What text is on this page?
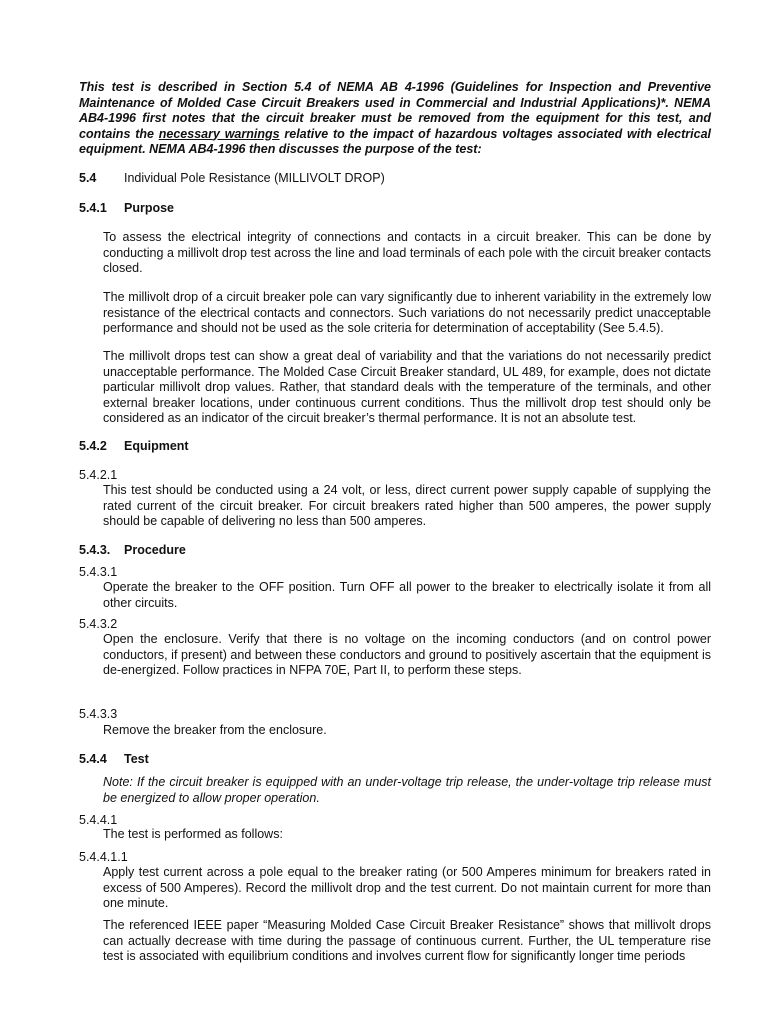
This test is described in Section 5.4 of NEMA AB 4-1996 (Guidelines for Inspection and Preventive Maintenance of Molded Case Circuit Breakers used in Commercial and Industrial Applications)*. NEMA AB4-1996 first notes that the circuit breaker must be removed from the equipment for this test, and contains the necessary warnings relative to the impact of hazardous voltages associated with electrical equipment. NEMA AB4-1996 then discusses the purpose of the test:

5.4 Individual Pole Resistance (MILLIVOLT DROP)

5.4.1 Purpose

To assess the electrical integrity of connections and contacts in a circuit breaker. This can be done by conducting a millivolt drop test across the line and load terminals of each pole with the circuit breaker contacts closed.

The millivolt drop of a circuit breaker pole can vary significantly due to inherent variability in the extremely low resistance of the electrical contacts and connectors. Such variations do not necessarily predict unacceptable performance and should not be used as the sole criteria for determination of acceptability (See 5.4.5).

The millivolt drops test can show a great deal of variability and that the variations do not necessarily predict unacceptable performance. The Molded Case Circuit Breaker standard, UL 489, for example, does not dictate particular millivolt drop values. Rather, that standard deals with the temperature of the terminals, and other external breaker locations, under continuous current conditions. Thus the millivolt drop test should only be considered as an indicator of the circuit breaker’s thermal performance. It is not an absolute test.

5.4.2 Equipment

5.4.2.1

This test should be conducted using a 24 volt, or less, direct current power supply capable of supplying the rated current of the circuit breaker. For circuit breakers rated higher than 500 amperes, the power supply should be capable of delivering no less than 500 amperes.

5.4.3. Procedure

5.4.3.1

Operate the breaker to the OFF position. Turn OFF all power to the breaker to electrically isolate it from all other circuits.

5.4.3.2

Open the enclosure. Verify that there is no voltage on the incoming conductors (and on control power conductors, if present) and between these conductors and ground to positively ascertain that the equipment is de-energized. Follow practices in NFPA 70E, Part II, to perform these steps.

5.4.3.3

Remove the breaker from the enclosure.

5.4.4 Test

Note: If the circuit breaker is equipped with an under-voltage trip release, the under-voltage trip release must be energized to allow proper operation.

5.4.4.1

The test is performed as follows:

5.4.4.1.1

Apply test current across a pole equal to the breaker rating (or 500 Amperes minimum for breakers rated in excess of 500 Amperes). Record the millivolt drop and the test current. Do not maintain current for more than one minute.

The referenced IEEE paper “Measuring Molded Case Circuit Breaker Resistance” shows that millivolt drops can actually decrease with time during the passage of continuous current. Further, the UL temperature rise test is associated with equilibrium conditions and involves current flow for significantly longer time periods
